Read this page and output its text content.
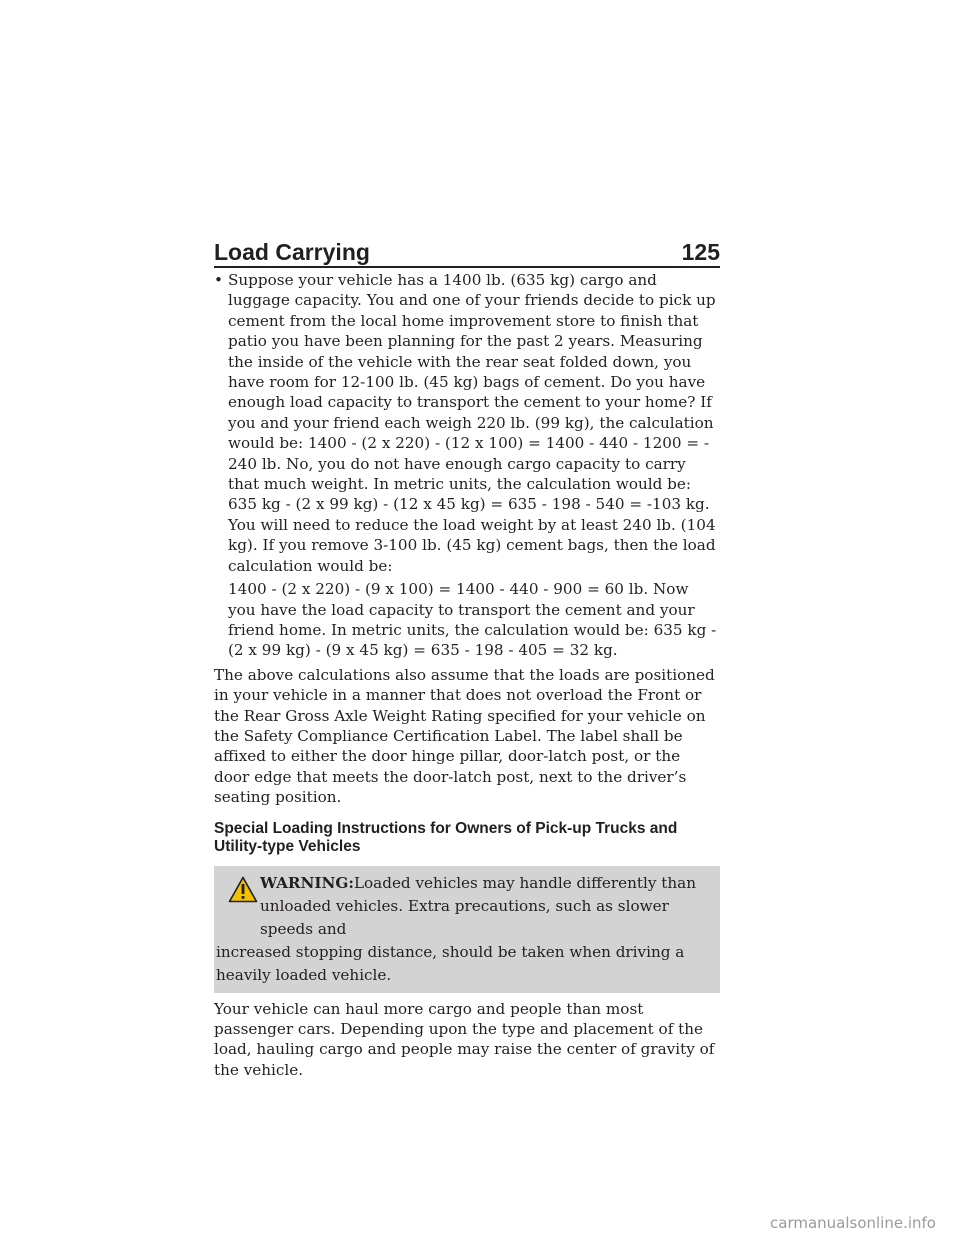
Load Carrying	125
• Suppose your vehicle has a 1400 lb. (635 kg) cargo and luggage capacity. You and one of your friends decide to pick up cement from the local home improvement store to finish that patio you have been planning for the past 2 years. Measuring the inside of the vehicle with the rear seat folded down, you have room for 12-100 lb. (45 kg) bags of cement. Do you have enough load capacity to transport the cement to your home? If you and your friend each weigh 220 lb. (99 kg), the calculation would be: 1400 - (2 x 220) - (12 x 100) = 1400 - 440 - 1200 = - 240 lb. No, you do not have enough cargo capacity to carry that much weight. In metric units, the calculation would be: 635 kg - (2 x 99 kg) - (12 x 45 kg) = 635 - 198 - 540 = -103 kg. You will need to reduce the load weight by at least 240 lb. (104 kg). If you remove 3-100 lb. (45 kg) cement bags, then the load calculation would be:

1400 - (2 x 220) - (9 x 100) = 1400 - 440 - 900 = 60 lb. Now you have the load capacity to transport the cement and your friend home. In metric units, the calculation would be: 635 kg - (2 x 99 kg) - (9 x 45 kg) = 635 - 198 - 405 = 32 kg.

The above calculations also assume that the loads are positioned in your vehicle in a manner that does not overload the Front or the Rear Gross Axle Weight Rating specified for your vehicle on the Safety Compliance Certification Label. The label shall be affixed to either the door hinge pillar, door-latch post, or the door edge that meets the door-latch post, next to the driver’s seating position.

Special Loading Instructions for Owners of Pick-up Trucks and Utility-type Vehicles

WARNING:Loaded vehicles may handle differently than unloaded vehicles. Extra precautions, such as slower speeds and

increased stopping distance, should be taken when driving a heavily loaded vehicle.

Your vehicle can haul more cargo and people than most passenger cars. Depending upon the type and placement of the load, hauling cargo and people may raise the center of gravity of the vehicle.

carmanualsonline.info
